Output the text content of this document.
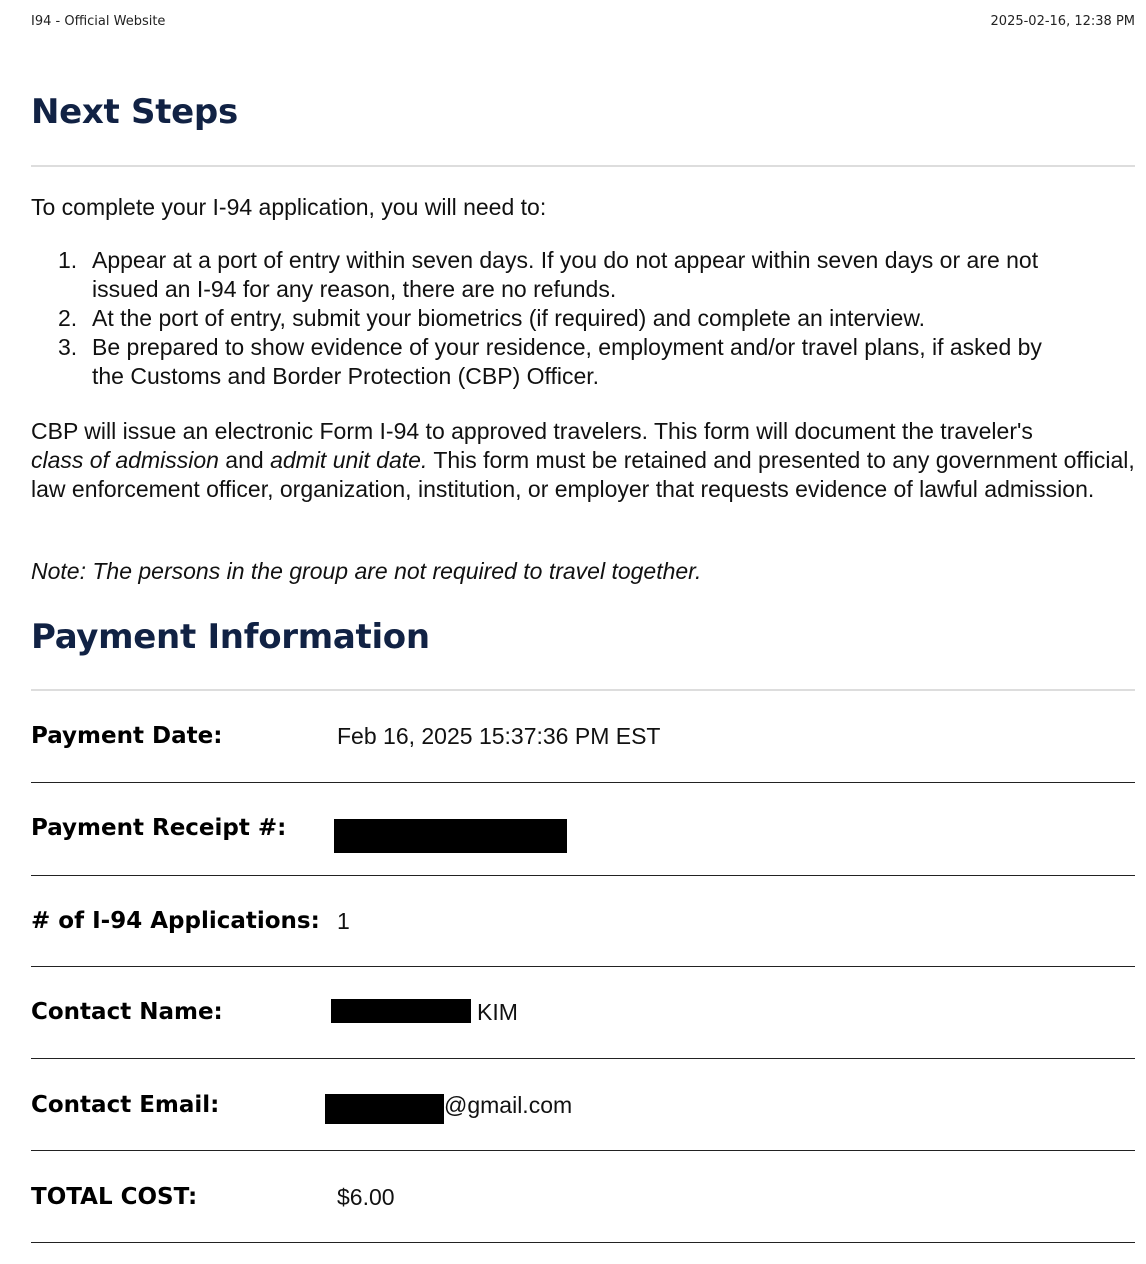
I94 - Official Website	2025-02-16, 12:38 PM
Next Steps

To complete your I-94 application, you will need to:

1. Appear at a port of entry within seven days. If you do not appear within seven days or are not
issued an I-94 for any reason, there are no refunds.
2. At the port of entry, submit your biometrics (if required) and complete an interview.
3. Be prepared to show evidence of your residence, employment and/or travel plans, if asked by
the Customs and Border Protection (CBP) Officer.

CBP will issue an electronic Form I-94 to approved travelers. This form will document the traveler's
class of admission and admit unit date. This form must be retained and presented to any government official, law enforcement officer, organization, institution, or employer that requests evidence of lawful admission.

Note: The persons in the group are not required to travel together.

Payment Information
Payment Date:	Feb 16, 2025 15:37:36 PM EST
Payment Receipt #:
# of I-94 Applications: 1
Contact Name:	KIM
Contact Email:	@gmail.com
TOTAL COST:	$6.00
